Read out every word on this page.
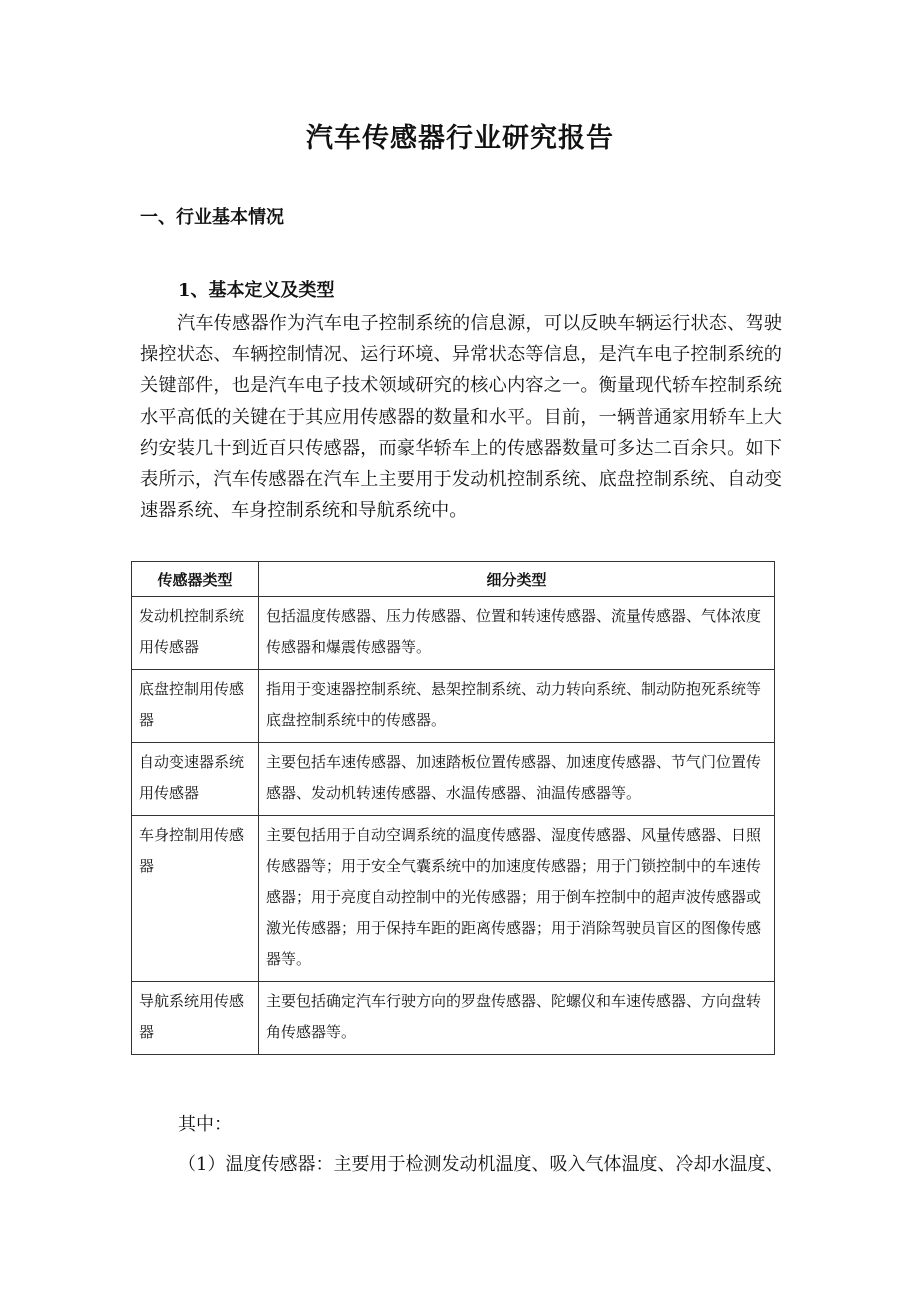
汽车传感器行业研究报告
一、行业基本情况
1、基本定义及类型

汽车传感器作为汽车电子控制系统的信息源，可以反映车辆运行状态、驾驶操控状态、车辆控制情况、运行环境、异常状态等信息，是汽车电子控制系统的关键部件，也是汽车电子技术领域研究的核心内容之一。衡量现代轿车控制系统水平高低的关键在于其应用传感器的数量和水平。目前，一辆普通家用轿车上大约安装几十到近百只传感器，而豪华轿车上的传感器数量可多达二百余只。如下表所示，汽车传感器在汽车上主要用于发动机控制系统、底盘控制系统、自动变速器系统、车身控制系统和导航系统中。

传感器类型	细分类型
发动机控制系统用传感器	包括温度传感器、压力传感器、位置和转速传感器、流量传感器、气体浓度传感器和爆震传感器等。
底盘控制用传感器	指用于变速器控制系统、悬架控制系统、动力转向系统、制动防抱死系统等底盘控制系统中的传感器。
自动变速器系统用传感器	主要包括车速传感器、加速踏板位置传感器、加速度传感器、节气门位置传感器、发动机转速传感器、水温传感器、油温传感器等。
车身控制用传感器	主要包括用于自动空调系统的温度传感器、湿度传感器、风量传感器、日照传感器等；用于安全气囊系统中的加速度传感器；用于门锁控制中的车速传感器；用于亮度自动控制中的光传感器；用于倒车控制中的超声波传感器或激光传感器；用于保持车距的距离传感器；用于消除驾驶员盲区的图像传感器等。
导航系统用传感器	主要包括确定汽车行驶方向的罗盘传感器、陀螺仪和车速传感器、方向盘转角传感器等。
其中：
（1）温度传感器：主要用于检测发动机温度、吸入气体温度、冷却水温度、
